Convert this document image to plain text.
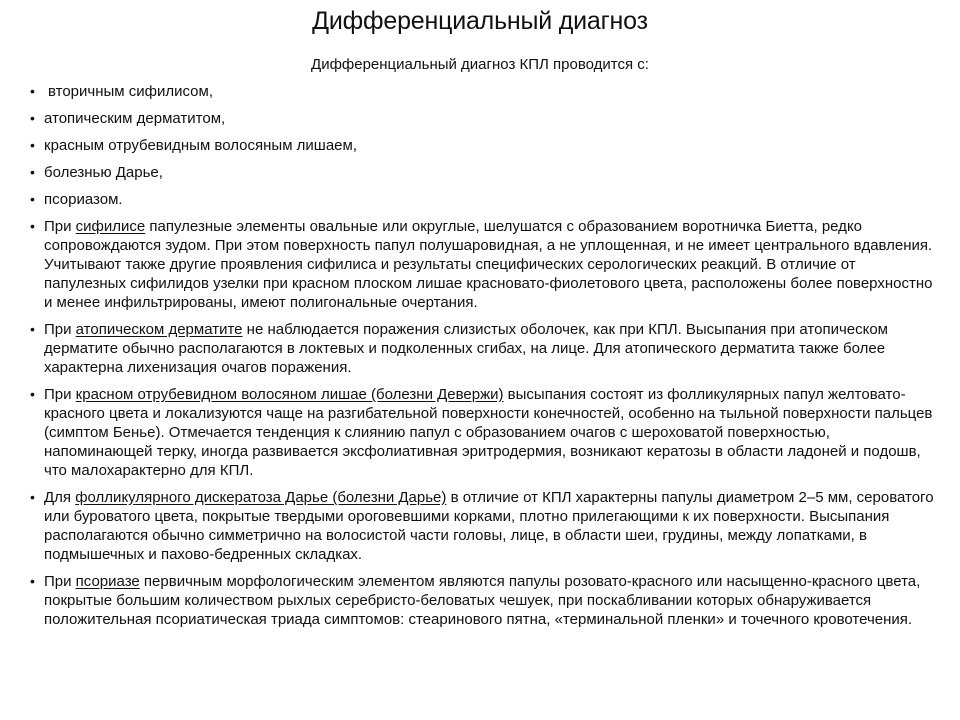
Дифференциальный диагноз
Дифференциальный диагноз КПЛ проводится с:
• вторичным сифилисом,
• атопическим дерматитом,
• красным отрубевидным волосяным лишаем,
• болезнью Дарье,
• псориазом.
• При сифилисе папулезные элементы овальные или округлые, шелушатся с образованием воротничка Биетта, редко сопровождаются зудом. При этом поверхность папул полушаровидная, а не уплощенная, и не имеет центрального вдавления. Учитывают также другие проявления сифилиса и результаты специфических серологических реакций. В отличие от папулезных сифилидов узелки при красном плоском лишае красновато-фиолетового цвета, расположены более поверхностно и менее инфильтрированы, имеют полигональные очертания.
• При атопическом дерматите не наблюдается поражения слизистых оболочек, как при КПЛ. Высыпания при атопическом дерматите обычно располагаются в локтевых и подколенных сгибах, на лице. Для атопического дерматита также более характерна лихенизация очагов поражения.
• При красном отрубевидном волосяном лишае (болезни Девержи) высыпания состоят из фолликулярных папул желтовато-красного цвета и локализуются чаще на разгибательной поверхности конечностей, особенно на тыльной поверхности пальцев (симптом Бенье). Отмечается тенденция к слиянию папул с образованием очагов с шероховатой поверхностью, напоминающей терку, иногда развивается эксфолиативная эритродермия, возникают кератозы в области ладоней и подошв, что малохарактерно для КПЛ.
• Для фолликулярного дискератоза Дарье (болезни Дарье) в отличие от КПЛ характерны папулы диаметром 2–5 мм, сероватого или буроватого цвета, покрытые твердыми ороговевшими корками, плотно прилегающими к их поверхности. Высыпания располагаются обычно симметрично на волосистой части головы, лице, в области шеи, грудины, между лопатками, в подмышечных и пахово-бедренных складках.
• При псориазе первичным морфологическим элементом являются папулы розовато-красного или насыщенно-красного цвета, покрытые большим количеством рыхлых серебристо-беловатых чешуек, при поскабливании которых обнаруживается положительная псориатическая триада симптомов: стеаринового пятна, «терминальной пленки» и точечного кровотечения.
